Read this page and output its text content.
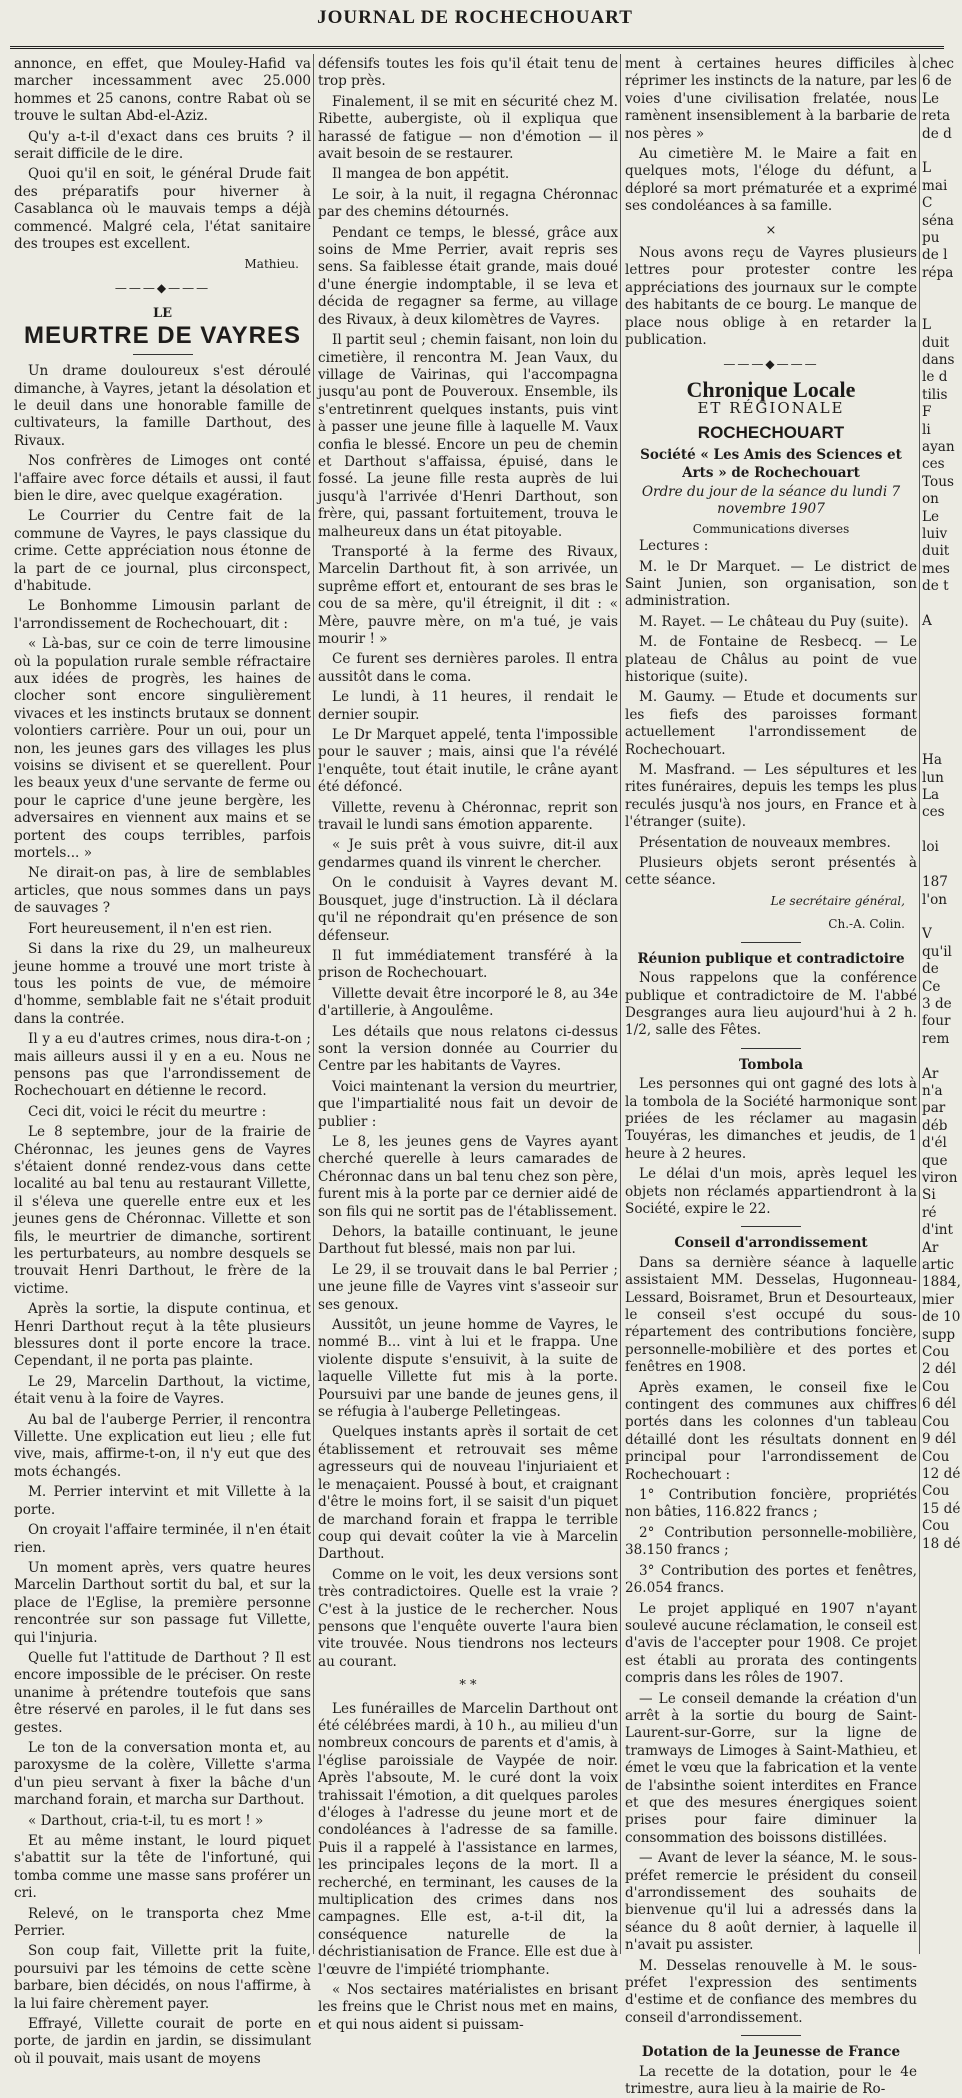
JOURNAL DE ROCHECHOUART

annonce, en effet, que Mouley-Hafid va marcher incessamment avec 25.000 hommes et 25 canons, contre Rabat où se trouve le sultan Abd-el-Aziz.

Qu'y a-t-il d'exact dans ces bruits ? il serait difficile de le dire.

Quoi qu'il en soit, le général Drude fait des préparatifs pour hiverner à Casablanca où le mauvais temps a déjà commencé. Malgré cela, l'état sanitaire des troupes est excellent.

Mathieu.
———◆———
LE
MEURTRE DE VAYRES

Un drame douloureux s'est déroulé dimanche, à Vayres, jetant la désolation et le deuil dans une honorable famille de cultivateurs, la famille Darthout, des Rivaux.

Nos confrères de Limoges ont conté l'affaire avec force détails et aussi, il faut bien le dire, avec quelque exagération.

Le Courrier du Centre fait de la commune de Vayres, le pays classique du crime. Cette appréciation nous étonne de la part de ce journal, plus circonspect, d'habitude.

Le Bonhomme Limousin parlant de l'arrondissement de Rochechouart, dit :

« Là-bas, sur ce coin de terre limousine où la population rurale semble réfractaire aux idées de progrès, les haines de clocher sont encore singulièrement vivaces et les instincts brutaux se donnent volontiers carrière. Pour un oui, pour un non, les jeunes gars des villages les plus voisins se divisent et se querellent. Pour les beaux yeux d'une servante de ferme ou pour le caprice d'une jeune bergère, les adversaires en viennent aux mains et se portent des coups terribles, parfois mortels... »

Ne dirait-on pas, à lire de semblables articles, que nous sommes dans un pays de sauvages ?

Fort heureusement, il n'en est rien.

Si dans la rixe du 29, un malheureux jeune homme a trouvé une mort triste à tous les points de vue, de mémoire d'homme, semblable fait ne s'était produit dans la contrée.

Il y a eu d'autres crimes, nous dira-t-on ; mais ailleurs aussi il y en a eu. Nous ne pensons pas que l'arrondissement de Rochechouart en détienne le record.

Ceci dit, voici le récit du meurtre :

Le 8 septembre, jour de la frairie de Chéronnac, les jeunes gens de Vayres s'étaient donné rendez-vous dans cette localité au bal tenu au restaurant Villette, il s'éleva une querelle entre eux et les jeunes gens de Chéronnac. Villette et son fils, le meurtrier de dimanche, sortirent les perturbateurs, au nombre desquels se trouvait Henri Darthout, le frère de la victime.

Après la sortie, la dispute continua, et Henri Darthout reçut à la tête plusieurs blessures dont il porte encore la trace. Cependant, il ne porta pas plainte.

Le 29, Marcelin Darthout, la victime, était venu à la foire de Vayres.

Au bal de l'auberge Perrier, il rencontra Villette. Une explication eut lieu ; elle fut vive, mais, affirme-t-on, il n'y eut que des mots échangés.

M. Perrier intervint et mit Villette à la porte.

On croyait l'affaire terminée, il n'en était rien.

Un moment après, vers quatre heures Marcelin Darthout sortit du bal, et sur la place de l'Eglise, la première personne rencontrée sur son passage fut Villette, qui l'injuria.

Quelle fut l'attitude de Darthout ? Il est encore impossible de le préciser. On reste unanime à prétendre toutefois que sans être réservé en paroles, il le fut dans ses gestes.

Le ton de la conversation monta et, au paroxysme de la colère, Villette s'arma d'un pieu servant à fixer la bâche d'un marchand forain, et marcha sur Darthout.

« Darthout, cria-t-il, tu es mort ! »

Et au même instant, le lourd piquet s'abattit sur la tête de l'infortuné, qui tomba comme une masse sans proférer un cri.

Relevé, on le transporta chez Mme Perrier.

Son coup fait, Villette prit la fuite, poursuivi par les témoins de cette scène barbare, bien décidés, on nous l'affirme, à la lui faire chèrement payer.

Effrayé, Villette courait de porte en porte, de jardin en jardin, se dissimulant où il pouvait, mais usant de moyens

défensifs toutes les fois qu'il était tenu de trop près.

Finalement, il se mit en sécurité chez M. Ribette, aubergiste, où il expliqua que harassé de fatigue — non d'émotion — il avait besoin de se restaurer.

Il mangea de bon appétit.

Le soir, à la nuit, il regagna Chéronnac par des chemins détournés.

Pendant ce temps, le blessé, grâce aux soins de Mme Perrier, avait repris ses sens. Sa faiblesse était grande, mais doué d'une énergie indomptable, il se leva et décida de regagner sa ferme, au village des Rivaux, à deux kilomètres de Vayres.

Il partit seul ; chemin faisant, non loin du cimetière, il rencontra M. Jean Vaux, du village de Vairinas, qui l'accompagna jusqu'au pont de Pouveroux. Ensemble, ils s'entretinrent quelques instants, puis vint à passer une jeune fille à laquelle M. Vaux confia le blessé. Encore un peu de chemin et Darthout s'affaissa, épuisé, dans le fossé. La jeune fille resta auprès de lui jusqu'à l'arrivée d'Henri Darthout, son frère, qui, passant fortuitement, trouva le malheureux dans un état pitoyable.

Transporté à la ferme des Rivaux, Marcelin Darthout fit, à son arrivée, un suprême effort et, entourant de ses bras le cou de sa mère, qu'il étreignit, il dit : « Mère, pauvre mère, on m'a tué, je vais mourir ! »

Ce furent ses dernières paroles. Il entra aussitôt dans le coma.

Le lundi, à 11 heures, il rendait le dernier soupir.

Le Dr Marquet appelé, tenta l'impossible pour le sauver ; mais, ainsi que l'a révélé l'enquête, tout était inutile, le crâne ayant été défoncé.

Villette, revenu à Chéronnac, reprit son travail le lundi sans émotion apparente.

« Je suis prêt à vous suivre, dit-il aux gendarmes quand ils vinrent le chercher.

On le conduisit à Vayres devant M. Bousquet, juge d'instruction. Là il déclara qu'il ne répondrait qu'en présence de son défenseur.

Il fut immédiatement transféré à la prison de Rochechouart.

Villette devait être incorporé le 8, au 34e d'artillerie, à Angoulême.

Les détails que nous relatons ci-dessus sont la version donnée au Courrier du Centre par les habitants de Vayres.

Voici maintenant la version du meurtrier, que l'impartialité nous fait un devoir de publier :

Le 8, les jeunes gens de Vayres ayant cherché querelle à leurs camarades de Chéronnac dans un bal tenu chez son père, furent mis à la porte par ce dernier aidé de son fils qui ne sortit pas de l'établissement.

Dehors, la bataille continuant, le jeune Darthout fut blessé, mais non par lui.

Le 29, il se trouvait dans le bal Perrier ; une jeune fille de Vayres vint s'asseoir sur ses genoux.

Aussitôt, un jeune homme de Vayres, le nommé B... vint à lui et le frappa. Une violente dispute s'ensuivit, à la suite de laquelle Villette fut mis à la porte. Poursuivi par une bande de jeunes gens, il se réfugia à l'auberge Pelletingeas.

Quelques instants après il sortait de cet établissement et retrouvait ses même agresseurs qui de nouveau l'injuriaient et le menaçaient. Poussé à bout, et craignant d'être le moins fort, il se saisit d'un piquet de marchand forain et frappa le terrible coup qui devait coûter la vie à Marcelin Darthout.

Comme on le voit, les deux versions sont très contradictoires. Quelle est la vraie ? C'est à la justice de le rechercher. Nous pensons que l'enquête ouverte l'aura bien vite trouvée. Nous tiendrons nos lecteurs au courant.

* *

Les funérailles de Marcelin Darthout ont été célébrées mardi, à 10 h., au milieu d'un nombreux concours de parents et d'amis, à l'église paroissiale de Vaypée de noir. Après l'absoute, M. le curé dont la voix trahissait l'émotion, a dit quelques paroles d'éloges à l'adresse du jeune mort et de condoléances à l'adresse de sa famille. Puis il a rappelé à l'assistance en larmes, les principales leçons de la mort. Il a recherché, en terminant, les causes de la multiplication des crimes dans nos campagnes. Elle est, a-t-il dit, la conséquence naturelle de la déchristianisation de France. Elle est due à l'œuvre de l'impiété triomphante.

« Nos sectaires matérialistes en brisant les freins que le Christ nous met en mains, et qui nous aident si puissam-

ment à certaines heures difficiles à réprimer les instincts de la nature, par les voies d'une civilisation frelatée, nous ramènent insensiblement à la barbarie de nos pères »

Au cimetière M. le Maire a fait en quelques mots, l'éloge du défunt, a déploré sa mort prématurée et a exprimé ses condoléances à sa famille.

×

Nous avons reçu de Vayres plusieurs lettres pour protester contre les appréciations des journaux sur le compte des habitants de ce bourg. Le manque de place nous oblige à en retarder la publication.

———◆———
Chronique Locale
ET RÉGIONALE
ROCHECHOUART
Société « Les Amis des Sciences et Arts » de Rochechouart
Ordre du jour de la séance du lundi 7 novembre 1907
Communications diverses

Lectures :

M. le Dr Marquet. — Le district de Saint Junien, son organisation, son administration.

M. Rayet. — Le château du Puy (suite).

M. de Fontaine de Resbecq. — Le plateau de Châlus au point de vue historique (suite).

M. Gaumy. — Etude et documents sur les fiefs des paroisses formant actuellement l'arrondissement de Rochechouart.

M. Masfrand. — Les sépultures et les rites funéraires, depuis les temps les plus reculés jusqu'à nos jours, en France et à l'étranger (suite).

Présentation de nouveaux membres.

Plusieurs objets seront présentés à cette séance.

Le secrétaire général,
Ch.-A. Colin.
Réunion publique et contradictoire

Nous rappelons que la conférence publique et contradictoire de M. l'abbé Desgranges aura lieu aujourd'hui à 2 h. 1/2, salle des Fêtes.

Tombola

Les personnes qui ont gagné des lots à la tombola de la Société harmonique sont priées de les réclamer au magasin Touyéras, les dimanches et jeudis, de 1 heure à 2 heures.

Le délai d'un mois, après lequel les objets non réclamés appartiendront à la Société, expire le 22.

Conseil d'arrondissement

Dans sa dernière séance à laquelle assistaient MM. Desselas, Hugonneau-Lessard, Boisramet, Brun et Desourteaux, le conseil s'est occupé du sous-répartement des contributions foncière, personnelle-mobilière et des portes et fenêtres en 1908.

Après examen, le conseil fixe le contingent des communes aux chiffres portés dans les colonnes d'un tableau détaillé dont les résultats donnent en principal pour l'arrondissement de Rochechouart :

1° Contribution foncière, propriétés non bâties, 116.822 francs ;

2° Contribution personnelle-mobilière, 38.150 francs ;

3° Contribution des portes et fenêtres, 26.054 francs.

Le projet appliqué en 1907 n'ayant soulevé aucune réclamation, le conseil est d'avis de l'accepter pour 1908. Ce projet est établi au prorata des contingents compris dans les rôles de 1907.

— Le conseil demande la création d'un arrêt à la sortie du bourg de Saint-Laurent-sur-Gorre, sur la ligne de tramways de Limoges à Saint-Mathieu, et émet le vœu que la fabrication et la vente de l'absinthe soient interdites en France et que des mesures énergiques soient prises pour faire diminuer la consommation des boissons distillées.

— Avant de lever la séance, M. le sous-préfet remercie le président du conseil d'arrondissement des souhaits de bienvenue qu'il lui a adressés dans la séance du 8 août dernier, à laquelle il n'avait pu assister.

M. Desselas renouvelle à M. le sous-préfet l'expression des sentiments d'estime et de confiance des membres du conseil d'arrondissement.

Dotation de la Jeunesse de France

La recette de la dotation, pour le 4e trimestre, aura lieu à la mairie de Ro-

chec
6 de
Le
reta
de d

L
mai
C
séna
pu
de l
répa

L
duit
dans
le d
tilis
F
li
ayan
ces
Tous
on
Le
luiv
duit
mes
de t

A

Ha
lun
La
ces

loi

187
l'on

V
qu'il
de
Ce
3 de
four
rem

Ar
n'a
par
déb
d'él
que
viron
Si
ré
d'int
Ar
artic
1884,
mier
de 10
supp
Cou
2 dél
Cou
6 dél
Cou
9 dél
Cou
12 dé
Cou
15 dé
Cou
18 dé
